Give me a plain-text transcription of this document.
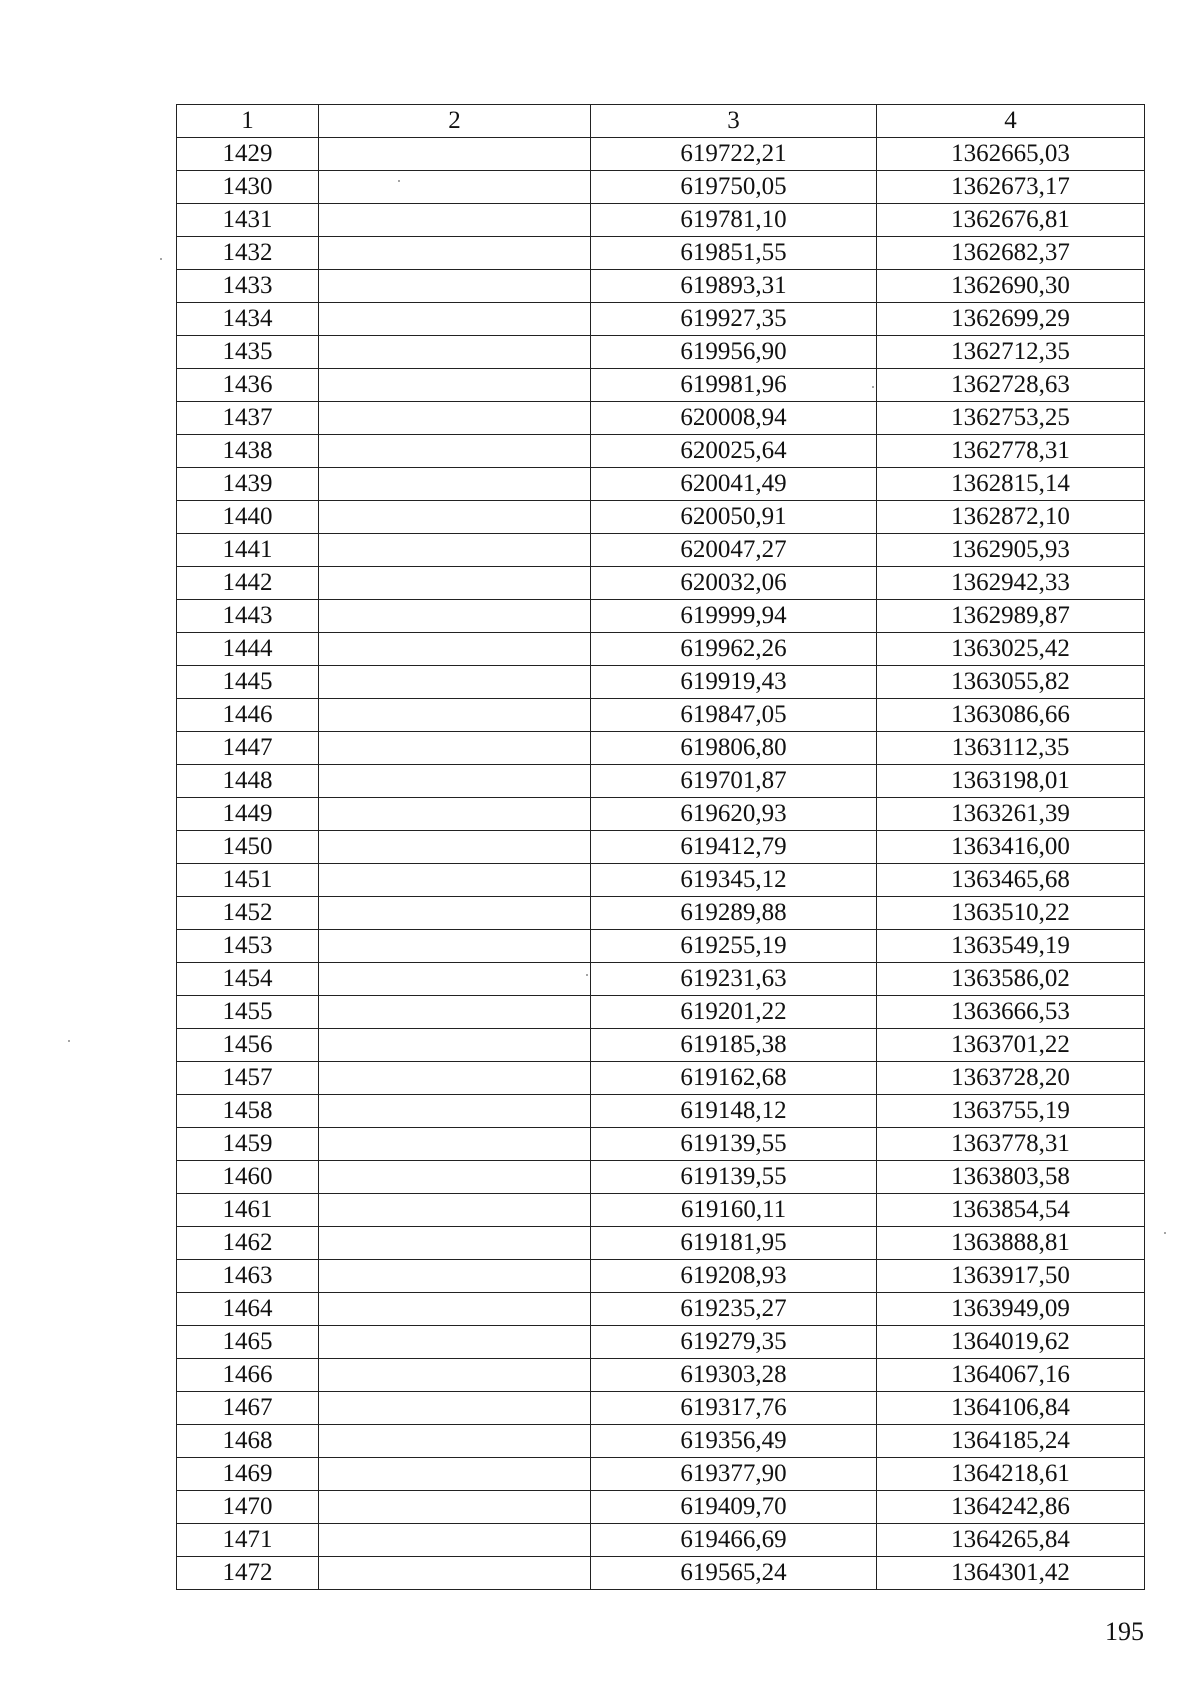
1	2	3	4
1429		619722,21	1362665,03
1430		619750,05	1362673,17
1431		619781,10	1362676,81
1432		619851,55	1362682,37
1433		619893,31	1362690,30
1434		619927,35	1362699,29
1435		619956,90	1362712,35
1436		619981,96	1362728,63
1437		620008,94	1362753,25
1438		620025,64	1362778,31
1439		620041,49	1362815,14
1440		620050,91	1362872,10
1441		620047,27	1362905,93
1442		620032,06	1362942,33
1443		619999,94	1362989,87
1444		619962,26	1363025,42
1445		619919,43	1363055,82
1446		619847,05	1363086,66
1447		619806,80	1363112,35
1448		619701,87	1363198,01
1449		619620,93	1363261,39
1450		619412,79	1363416,00
1451		619345,12	1363465,68
1452		619289,88	1363510,22
1453		619255,19	1363549,19
1454		619231,63	1363586,02
1455		619201,22	1363666,53
1456		619185,38	1363701,22
1457		619162,68	1363728,20
1458		619148,12	1363755,19
1459		619139,55	1363778,31
1460		619139,55	1363803,58
1461		619160,11	1363854,54
1462		619181,95	1363888,81
1463		619208,93	1363917,50
1464		619235,27	1363949,09
1465		619279,35	1364019,62
1466		619303,28	1364067,16
1467		619317,76	1364106,84
1468		619356,49	1364185,24
1469		619377,90	1364218,61
1470		619409,70	1364242,86
1471		619466,69	1364265,84
1472		619565,24	1364301,42
195
